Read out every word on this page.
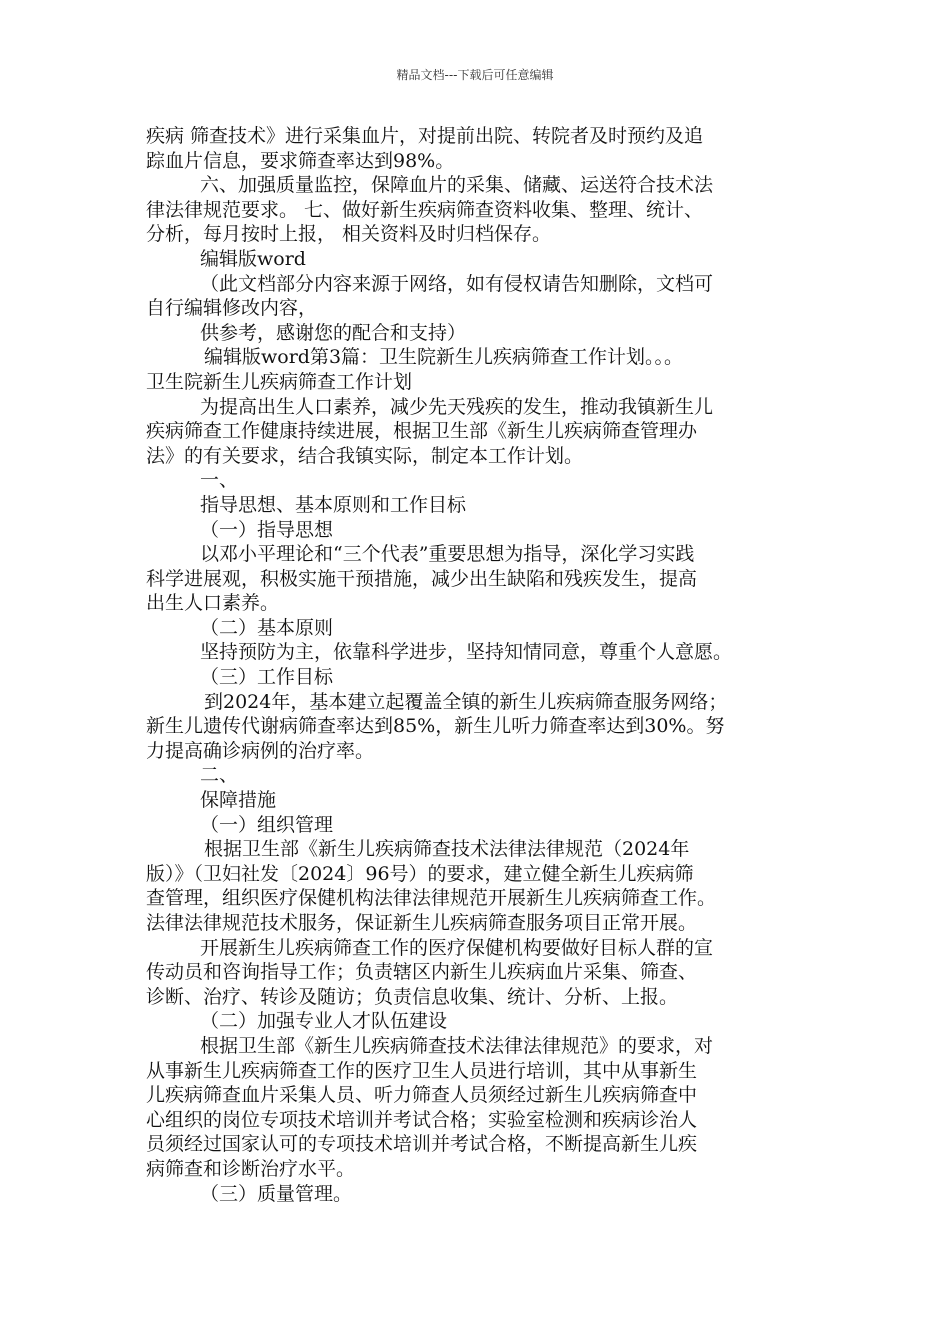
精品文档---下载后可任意编辑

疾病 筛查技术》进行采集血片，对提前出院、转院者及时预约及追

踪血片信息，要求筛查率达到98%。

六、加强质量监控，保障血片的采集、储藏、运送符合技术法

律法律规范要求。 七、做好新生疾病筛查资料收集、整理、统计、

分析，每月按时上报， 相关资料及时归档保存。

编辑版word

（此文档部分内容来源于网络，如有侵权请告知删除，文档可

自行编辑修改内容，

供参考，感谢您的配合和支持）

编辑版word第3篇：卫生院新生儿疾病筛查工作计划。。。

卫生院新生儿疾病筛查工作计划

为提高出生人口素养，减少先天残疾的发生，推动我镇新生儿

疾病筛查工作健康持续进展，根据卫生部《新生儿疾病筛查管理办

法》的有关要求，结合我镇实际，制定本工作计划。

一、

指导思想、基本原则和工作目标

（一）指导思想

以邓小平理论和“三个代表”重要思想为指导，深化学习实践

科学进展观，积极实施干预措施，减少出生缺陷和残疾发生，提高

出生人口素养。

（二）基本原则

坚持预防为主，依靠科学进步，坚持知情同意，尊重个人意愿。

（三）工作目标

到2024年，基本建立起覆盖全镇的新生儿疾病筛查服务网络；

新生儿遗传代谢病筛查率达到85%，新生儿听力筛查率达到30%。努

力提高确诊病例的治疗率。

二、

保障措施

（一）组织管理

根据卫生部《新生儿疾病筛查技术法律法律规范（2024年

版）》（卫妇社发〔2024〕96号）的要求，建立健全新生儿疾病筛

查管理，组织医疗保健机构法律法律规范开展新生儿疾病筛查工作。

法律法律规范技术服务，保证新生儿疾病筛查服务项目正常开展。

开展新生儿疾病筛查工作的医疗保健机构要做好目标人群的宣

传动员和咨询指导工作；负责辖区内新生儿疾病血片采集、筛查、

诊断、治疗、转诊及随访；负责信息收集、统计、分析、上报。

（二）加强专业人才队伍建设

根据卫生部《新生儿疾病筛查技术法律法律规范》的要求，对

从事新生儿疾病筛查工作的医疗卫生人员进行培训，其中从事新生

儿疾病筛查血片采集人员、听力筛查人员须经过新生儿疾病筛查中

心组织的岗位专项技术培训并考试合格；实验室检测和疾病诊治人

员须经过国家认可的专项技术培训并考试合格，不断提高新生儿疾

病筛查和诊断治疗水平。

（三）质量管理。
